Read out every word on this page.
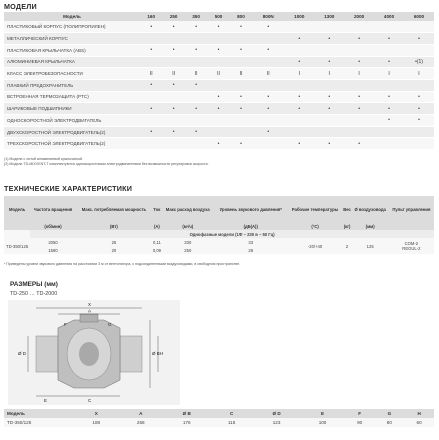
МОДЕЛИ
Модель	160	250	350	500	800	800N	1000	1300	2000	4000	6000
ПЛАСТИКОВЫЙ КОРПУС (ПОЛИПРОПИЛЕН)	•	•	•	•	•	•					
МЕТАЛЛИЧЕСКИЙ КОРПУС							•	•	•	•	•
ПЛАСТИКОВАЯ КРЫЛЬЧАТКА (ABS)	•	•	•	•	•	•					
АЛЮМИНИЕВАЯ КРЫЛЬЧАТКА							•	•	•	•	•(1)
КЛАСС ЭЛЕКТРОБЕЗОПАСНОСТИ	II	II	II	II	II	II	I	I	I	I	I
ПЛАВКИЙ ПРЕДОХРАНИТЕЛЬ	•	•	•								
ВСТРОЕННАЯ ТЕРМОЗАЩИТА (PTC)				•	•	•	•	•	•	•	•
ШАРИКОВЫЕ ПОДШИПНИКИ	•	•	•	•	•	•	•	•	•	•	•
ОДНОСКОРОСТНОЙ ЭЛЕКТРОДВИГАТЕЛЬ										•	•
ДВУХСКОРОСТНОЙ ЭЛЕКТРОДВИГАТЕЛЬ(2)	•	•	•			•					
ТРЕХСКОРОСТНОЙ ЭЛЕКТРОДВИГАТЕЛЬ(2)				•	•		•	•	•		
(1) Модели с литой алюминиевой крыльчаткой.
(2) Модели TD-MIXVENT-T комплектуются односкоростными электродвигателями без возможности регулировки скорости.
ТЕХНИЧЕСКИЕ ХАРАКТЕРИСТИКИ
Модель	Частота вращения	Макс. потребляемая мощность	Ток	Макс расход воздуха	Уровень звукового давления*	Рабочие температуры	Вес	Ø воздуховода	Пульт управления
	(об/мин)	(Вт)	(А)	(м³/ч)	(дБ(А))	(°C)	(кг)	(мм)	
	Однофазные модели (1Ф – 230 в – 50 Гц)								
TD-350/125	2050	25	0,11	330	33	-20/+40	2	125	COM-2
REGUL-2

	1590	20	0,09	250	28				
* Приведены уровни звукового давления на расстоянии 3 м от вентилятора, с подсоединенными воздуховодами, в свободном пространстве.
РАЗМЕРЫ (мм)
TD-250 … TD-2000
X
A
Ø D	Ø B
E	C
H
F	G
Модель	X	A	Ø B	C	Ø D	E	F	G	H
TD-350/125	188	258	176	115	123	100	90	80	60
